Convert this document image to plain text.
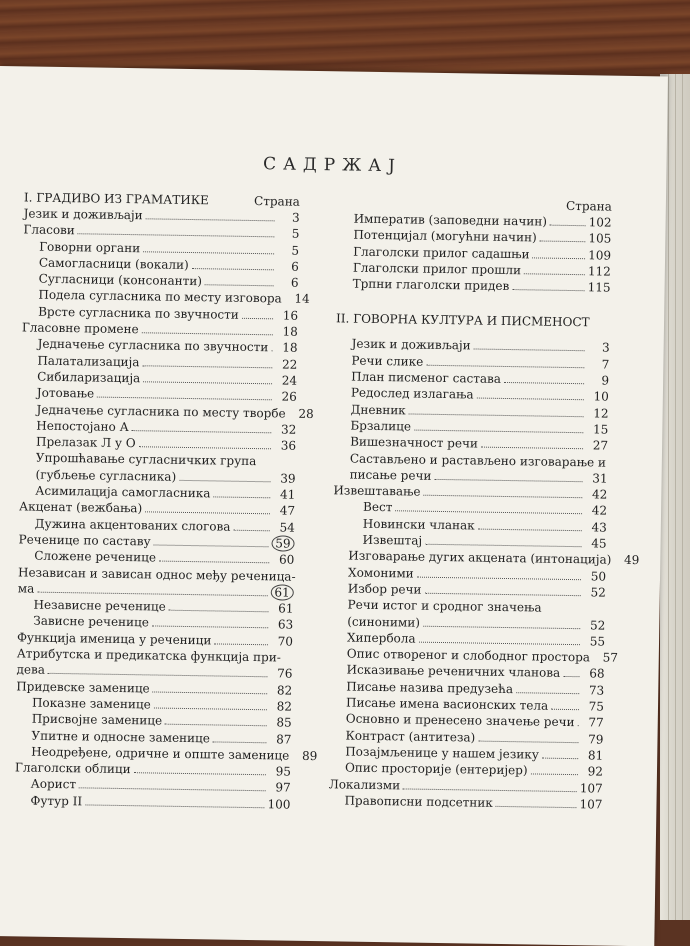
САДРЖАЈ
I. ГРАДИВО ИЗ ГРАМАТИКЕ	Страна
Језик и доживљаји	3
Гласови	5
Говорни органи	5
Самогласници (вокали)	6
Сугласници (консонанти)	6
Подела сугласника по месту изговора	14
Врсте сугласника по звучности	16
Гласовне промене	18
Једначење сугласника по звучности	18
Палатализација	22
Сибиларизација	24
Јотовање	26
Једначење сугласника по месту творбе	28
Непостојано А	32
Прелазак Л у О	36
Упрошћавање сугласничких група
(губљење сугласника)	39
Асимилација самогласника	41
Акценат (вежбања)	47
Дужина акцентованих слогова	54
Реченице по саставу	59
Сложене реченице	60
Независан и зависан однос међу реченица-
ма	61
Независне реченице	61
Зависне реченице	63
Функција именица у реченици	70
Атрибутска и предикатска функција при-
дева	76
Придевске заменице	82
Показне заменице	82
Присвојне заменице	85
Упитне и односне заменице	87
Неодређене, одричне и опште заменице	89
Глаголски облици	95
Аорист	97
Футур II	100
Страна
Императив (заповедни начин)	102
Потенцијал (могућни начин)	105
Глаголски прилог садашњи	109
Глаголски прилог прошли	112
Трпни глаголски придев	115
II. ГОВОРНА КУЛТУРА И ПИСМЕНОСТ
Језик и доживљаји	3
Речи слике	7
План писменог састава	9
Редослед излагања	10
Дневник	12
Брзалице	15
Вишезначност речи	27
Састављено и растављено изговарање и
писање речи	31
Извештавање	42
Вест	42
Новински чланак	43
Извештај	45
Изговарање дугих акцената (интонација)	49
Хомоними	50
Избор речи	52
Речи истог и сродног значења
(синоними)	52
Хипербола	55
Опис отвореног и слободног простора	57
Исказивање реченичних чланова	68
Писање назива предузећа	73
Писање имена васионских тела	75
Основно и пренесено значење речи	77
Контраст (антитеза)	79
Позајмљенице у нашем језику	81
Опис просторије (ентеријер)	92
Локализми	107
Правописни подсетник	107
